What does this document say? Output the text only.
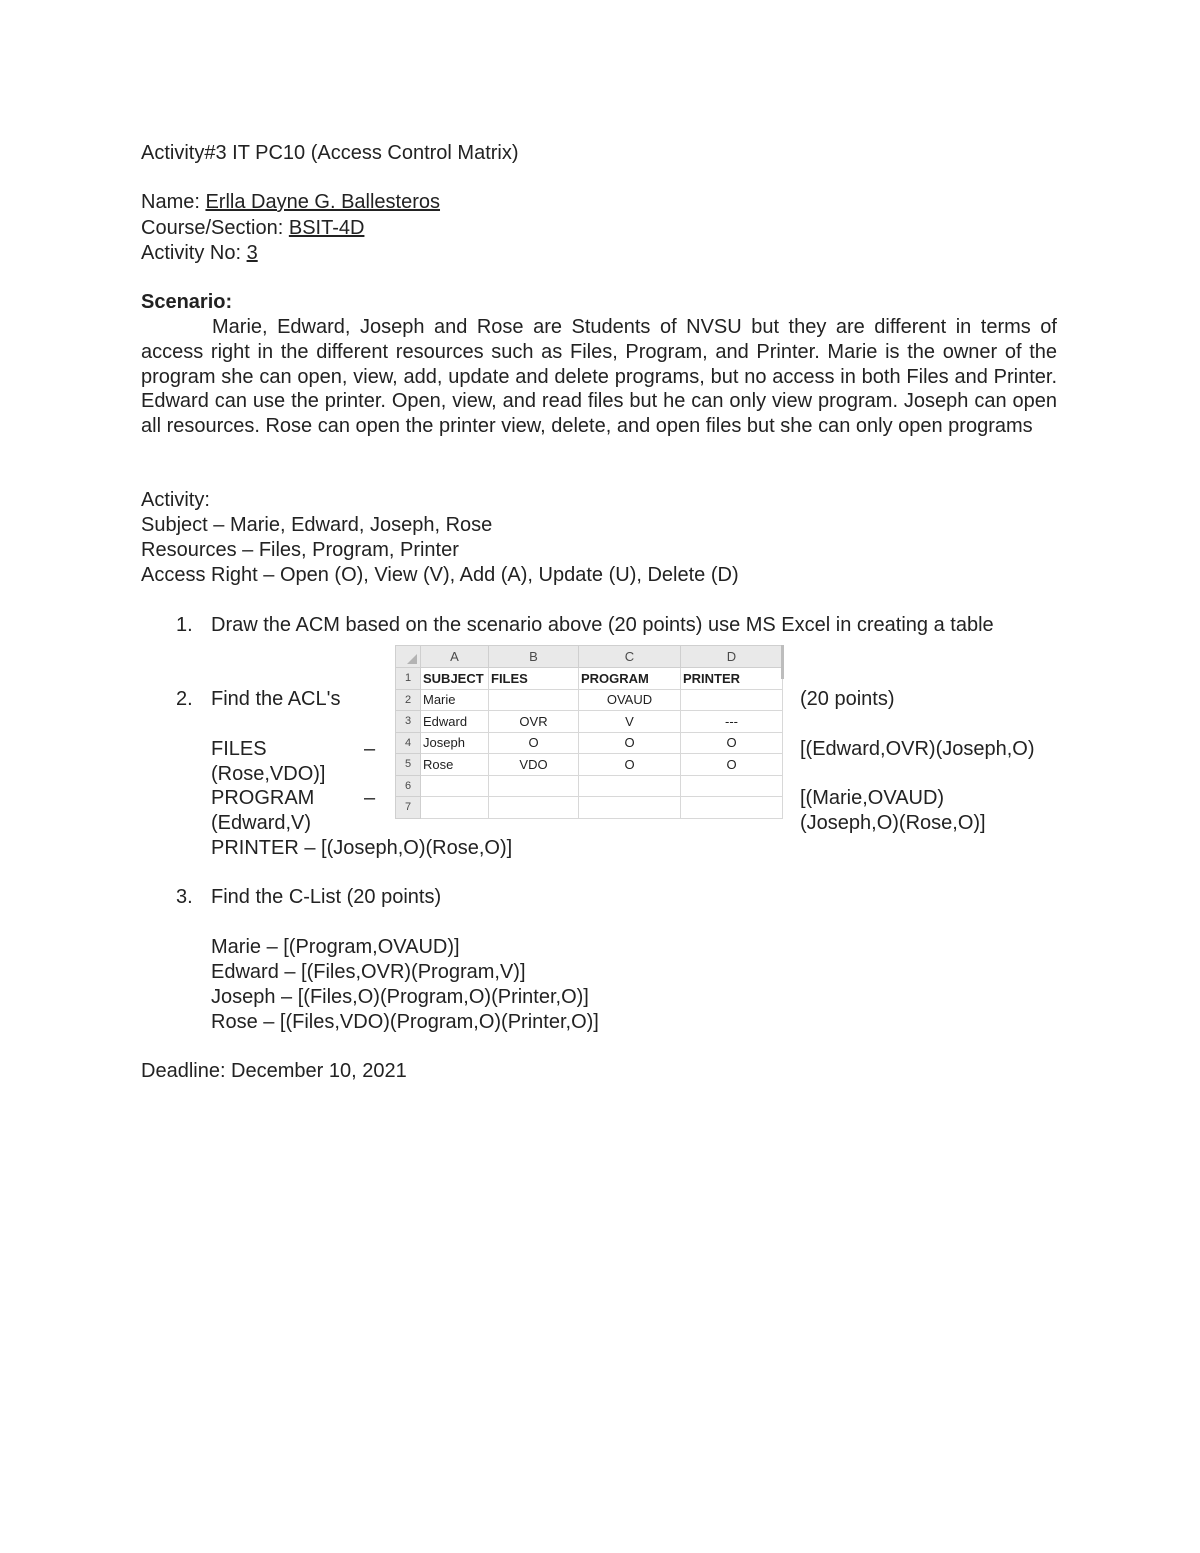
Activity#3 IT PC10 (Access Control Matrix)
Name: Erlla Dayne G. Ballesteros
Course/Section: BSIT-4D
Activity No: 3
Scenario:

Marie, Edward, Joseph and Rose are Students of NVSU but they are different in terms of access right in the different resources such as Files, Program, and Printer. Marie is the owner of the program she can open, view, add, update and delete programs, but no access in both Files and Printer. Edward can use the printer. Open, view, and read files but he can only view program. Joseph can open all resources. Rose can open the printer view, delete, and open files but she can only open programs

Activity:
Subject – Marie, Edward, Joseph, Rose
Resources – Files, Program, Printer
Access Right – Open (O), View (V), Add (A), Update (U), Delete (D)
1. Draw the ACM based on the scenario above (20 points) use MS Excel in creating a table
2. Find the ACL's	(20 points)
FILES	–	[(Edward,OVR)(Joseph,O)
(Rose,VDO)]
PROGRAM –	[(Marie,OVAUD)
(Edward,V)	(Joseph,O)(Rose,O)]
PRINTER – [(Joseph,O)(Rose,O)]
3. Find the C-List (20 points)
Marie – [(Program,OVAUD)]
Edward – [(Files,OVR)(Program,V)]
Joseph – [(Files,O)(Program,O)(Printer,O)]
Rose – [(Files,VDO)(Program,O)(Printer,O)]
Deadline: December 10, 2021
	A	B	C	D
1	SUBJECT	FILES	PROGRAM	PRINTER
2	Marie		OVAUD	
3	Edward	OVR	V	---
4	Joseph	O	O	O
5	Rose	VDO	O	O
6				
7				
